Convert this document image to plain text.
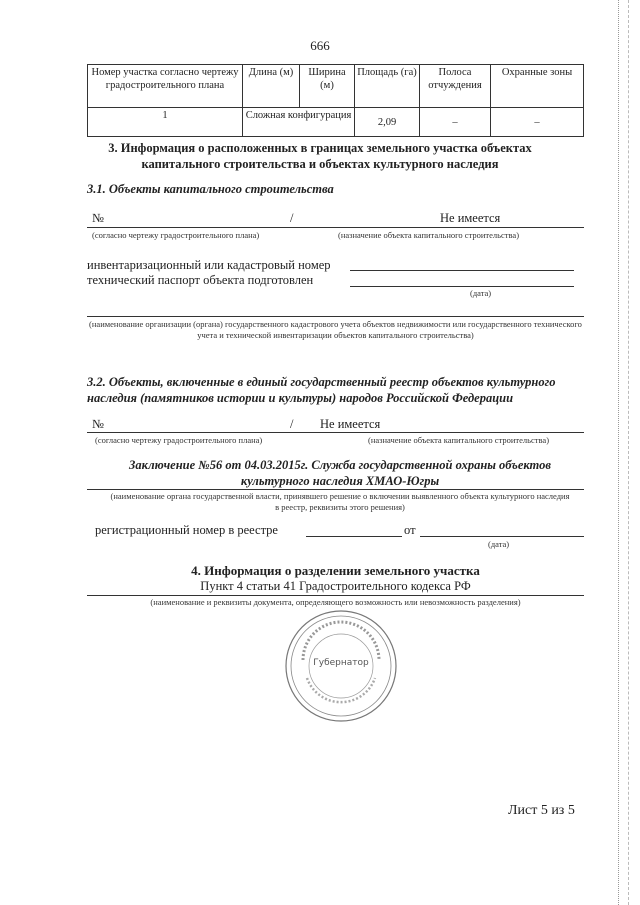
666
Номер участка согласно чертежу градостроительного плана	Длина (м)	Ширина (м)	Площадь (га)	Полоса отчуждения	Охранные зоны
1	Сложная конфигурация		2,09	–	–
3. Информация о расположенных в границах земельного участка объектах капитального строительства и объектах культурного наследия
3.1. Объекты капитального строительства
№	/	Не имеется
(согласно чертежу градостроительного плана)	(назначение объекта капитального строительства)
инвентаризационный или кадастровый номер
технический паспорт объекта подготовлен
(дата)
(наименование организации (органа) государственного кадастрового учета объектов недвижимости или государственного технического учета и технической инвентаризации объектов капитального строительства)
3.2. Объекты, включенные в единый государственный реестр объектов культурного наследия (памятников истории и культуры) народов Российской Федерации
№	/ Не имеется
(согласно чертежу градостроительного плана)	(назначение объекта капитального строительства)
Заключение №56 от 04.03.2015г. Служба государственной охраны объектов культурного наследия ХМАО-Югры
(наименование органа государственной власти, принявшего решение о включении выявленного объекта культурного наследия в реестр, реквизиты этого решения)
регистрационный номер в реестре	от
(дата)
4. Информация о разделении земельного участка
Пункт 4 статьи 41 Градостроительного кодекса РФ
(наименование и реквизиты документа, определяющего возможность или невозможность разделения)
Губернатор
Лист 5 из 5
